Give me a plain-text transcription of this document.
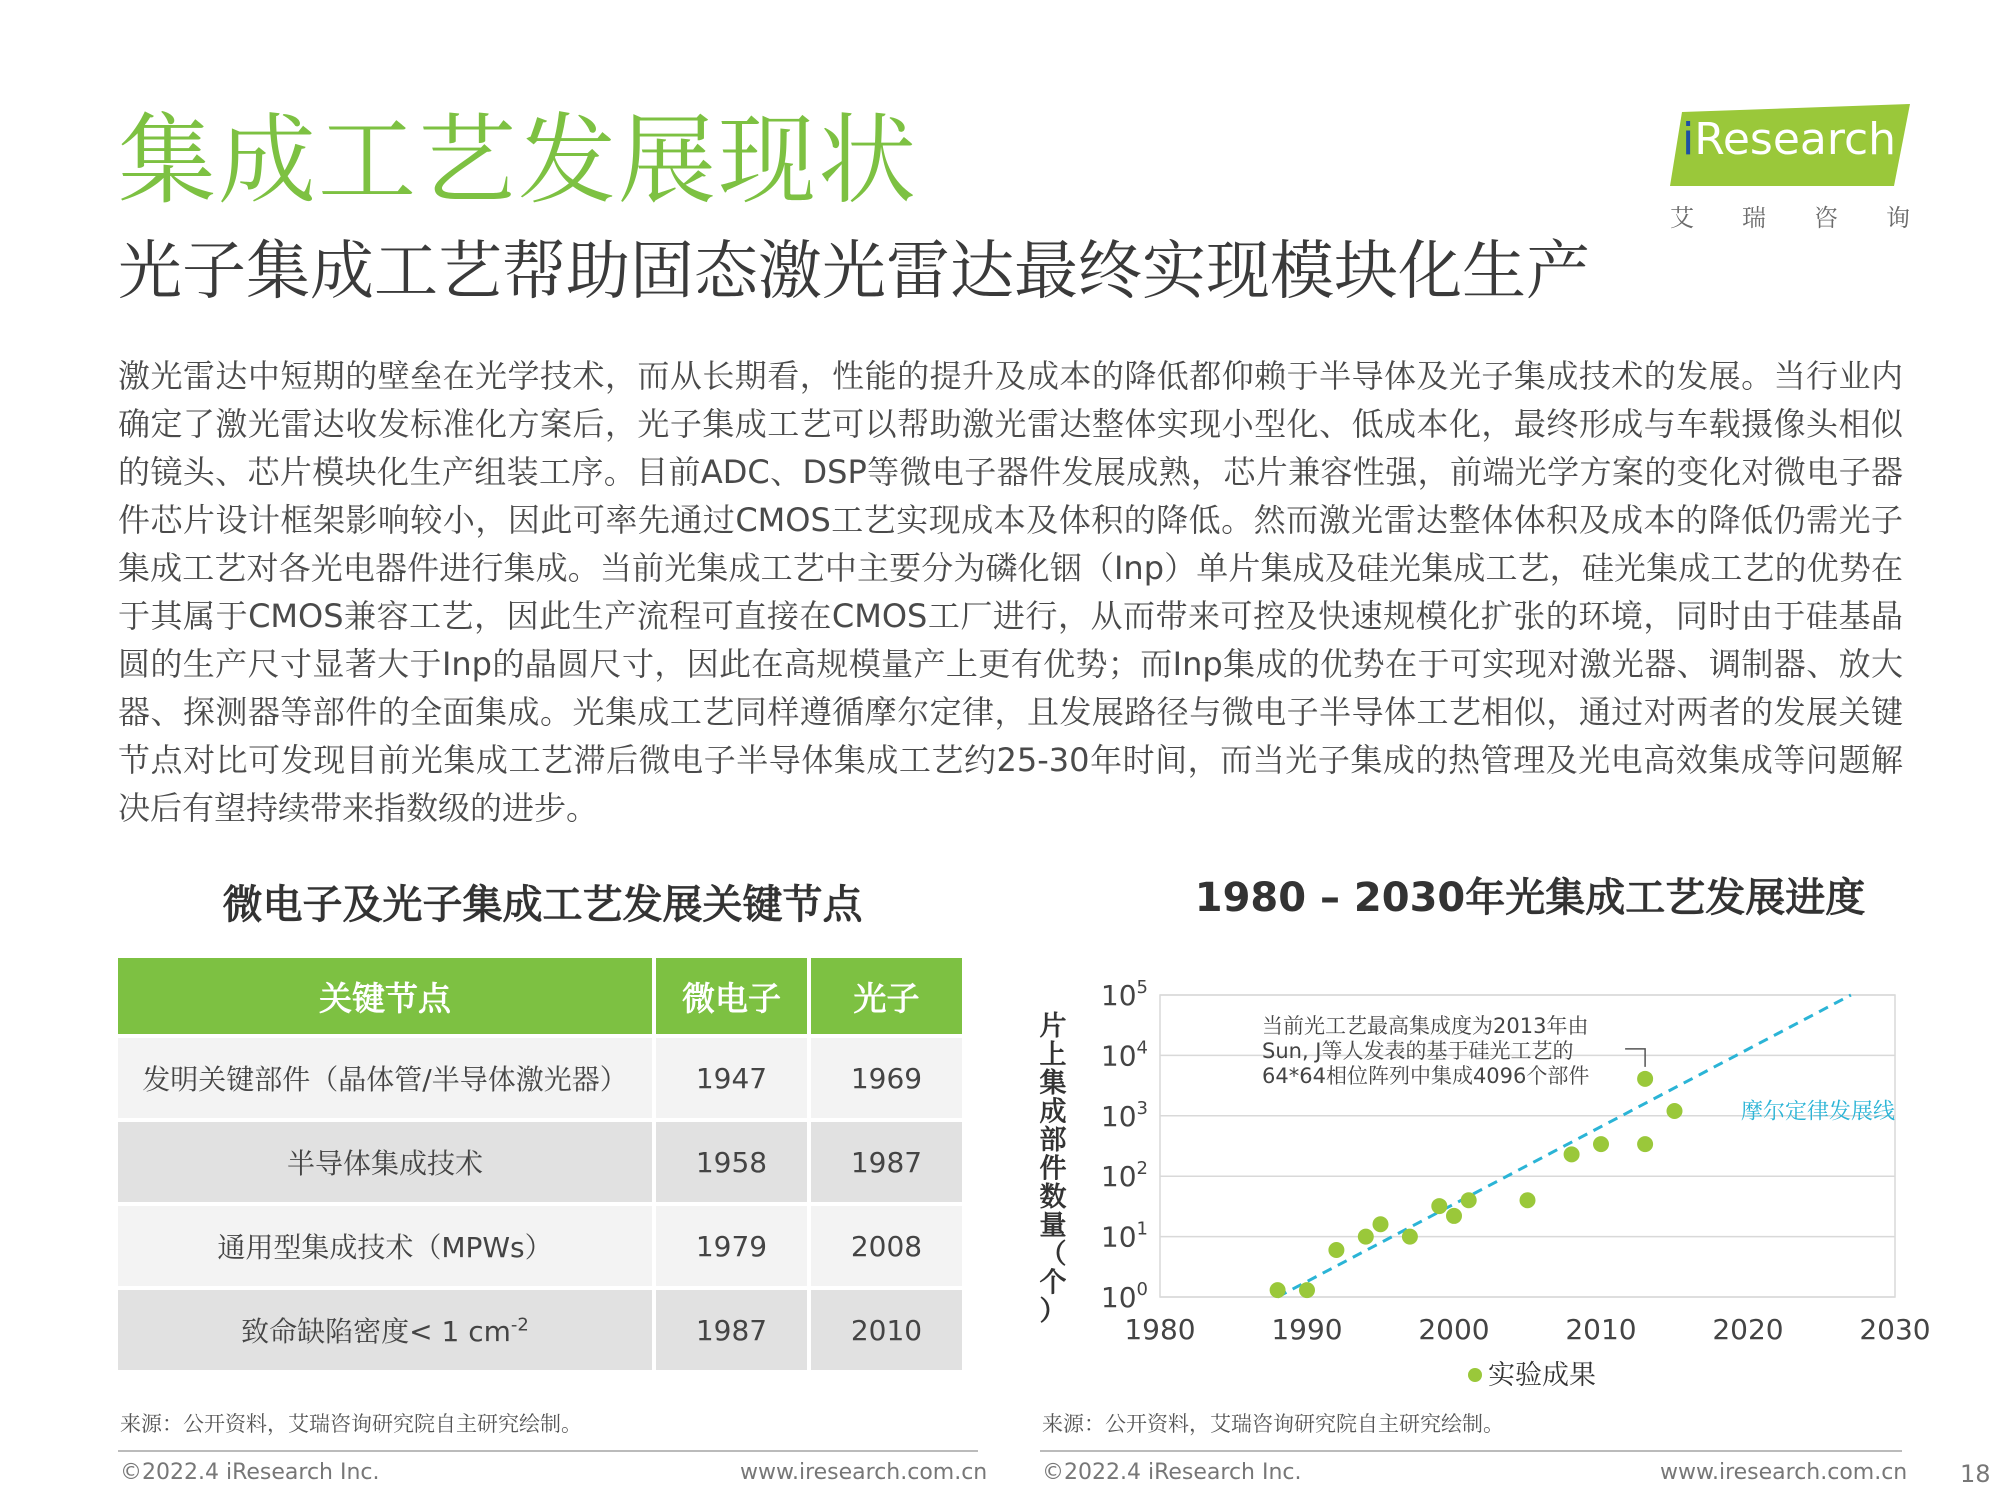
集成工艺发展现状
光子集成工艺帮助固态激光雷达最终实现模块化生产
iResearch
艾 瑞 咨 询
激光雷达中短期的壁垒在光学技术，而从长期看，性能的提升及成本的降低都仰赖于半导体及光子集成技术的发展。当行业内确定了激光雷达收发标准化方案后，光子集成工艺可以帮助激光雷达整体实现小型化、低成本化，最终形成与车载摄像头相似的镜头、芯片模块化生产组装工序。目前ADC、DSP等微电子器件发展成熟，芯片兼容性强，前端光学方案的变化对微电子器件芯片设计框架影响较小，因此可率先通过CMOS工艺实现成本及体积的降低。然而激光雷达整体体积及成本的降低仍需光子集成工艺对各光电器件进行集成。当前光集成工艺中主要分为磷化铟（Inp）单片集成及硅光集成工艺，硅光集成工艺的优势在于其属于CMOS兼容工艺，因此生产流程可直接在CMOS工厂进行，从而带来可控及快速规模化扩张的环境，同时由于硅基晶圆的生产尺寸显著大于Inp的晶圆尺寸，因此在高规模量产上更有优势；而Inp集成的优势在于可实现对激光器、调制器、放大器、探测器等部件的全面集成。光集成工艺同样遵循摩尔定律，且发展路径与微电子半导体工艺相似，通过对两者的发展关键节点对比可发现目前光集成工艺滞后微电子半导体集成工艺约25-30年时间，而当光子集成的热管理及光电高效集成等问题解决后有望持续带来指数级的进步。
微电子及光子集成工艺发展关键节点
关键节点	微电子	光子
发明关键部件（晶体管/半导体激光器）	1947	1969
半导体集成技术	1958	1987
通用型集成技术（MPWs）	1979	2008
致命缺陷密度< 1 $cm^{-2}$	1987	2010
来源：公开资料，艾瑞咨询研究院自主研究绘制。
1980 – 2030年光集成工艺发展进度
$10^0$
$10^1$
$10^2$
$10^3$
$10^4$
$10^5$
1980	1990	2000	2010	2020	2030
片
上
集
成
部
件
数
量
（
个
）
摩尔定律发展线
当前光工艺最高集成度为2013年由
Sun, J等人发表的基于硅光工艺的
64*64相位阵列中集成4096个部件
实验成果
来源：公开资料，艾瑞咨询研究院自主研究绘制。
©2022.4 iResearch Inc.	www.iresearch.com.cn ©2022.4 iResearch Inc.	www.iresearch.com.cn 18
